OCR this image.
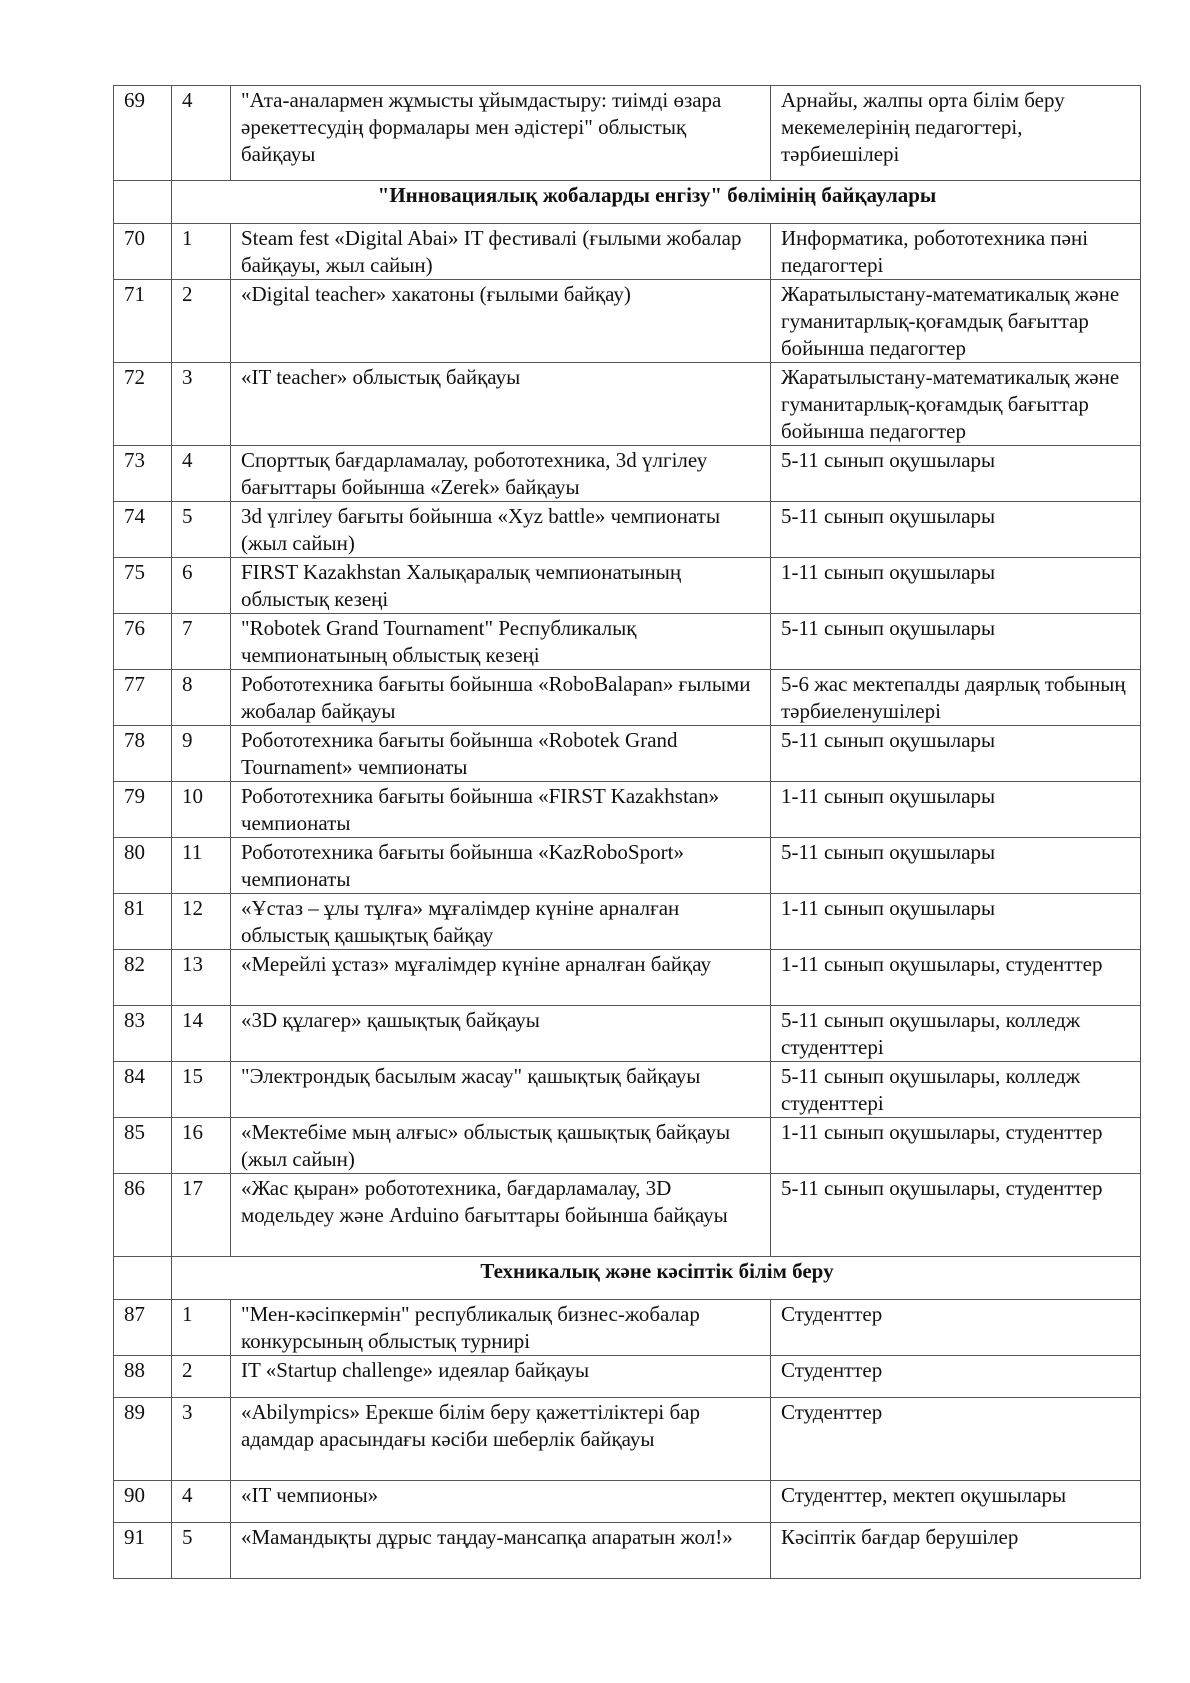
69	4	"Ата-аналармен жұмысты ұйымдастыру: тиімді өзара әрекеттесудің формалары мен әдістері" облыстық байқауы	Арнайы, жалпы орта білім беру мекемелерінің педагогтері, тәрбиешілері
	"Инновациялық жобаларды енгізу" бөлімінің байқаулары		
70	1	Steam fest «Digital Abai» IT фестивалі (ғылыми жобалар байқауы, жыл сайын)	Информатика, робототехника пәні педагогтері
71	2	«Digital teacher» хакатоны (ғылыми байқау)	Жаратылыстану-математикалық және гуманитарлық-қоғамдық бағыттар бойынша педагогтер
72	3	«IT teacher» облыстық байқауы	Жаратылыстану-математикалық және гуманитарлық-қоғамдық бағыттар бойынша педагогтер
73	4	Спорттық бағдарламалау, робототехника, 3d үлгілеу бағыттары бойынша «Zerek» байқауы	5-11 сынып оқушылары
74	5	3d үлгілеу бағыты бойынша «Xyz battle» чемпионаты (жыл сайын)	5-11 сынып оқушылары
75	6	FIRST Kazakhstan Халықаралық чемпионатының облыстық кезеңі	1-11 сынып оқушылары
76	7	"Robotek Grand Tournament" Республикалық чемпионатының облыстық кезеңі	5-11 сынып оқушылары
77	8	Робототехника бағыты бойынша «RoboBalapan» ғылыми жобалар байқауы	5-6 жас мектепалды даярлық тобының тәрбиеленушілері
78	9	Робототехника бағыты бойынша «Robotek Grand Tournament» чемпионаты	5-11 сынып оқушылары
79	10	Робототехника бағыты бойынша «FIRST Kazakhstan» чемпионаты	1-11 сынып оқушылары
80	11	Робототехника бағыты бойынша «KazRoboSport» чемпионаты	5-11 сынып оқушылары
81	12	«Ұстаз – ұлы тұлға» мұғалімдер күніне арналған облыстық қашықтық байқау	1-11 сынып оқушылары
82	13	«Мерейлі ұстаз» мұғалімдер күніне арналған байқау	1-11 сынып оқушылары, студенттер
83	14	«3D құлагер» қашықтық байқауы	5-11 сынып оқушылары, колледж студенттері
84	15	"Электрондық басылым жасау" қашықтық байқауы	5-11 сынып оқушылары, колледж студенттері
85	16	«Мектебіме мың алғыс» облыстық қашықтық байқауы (жыл сайын)	1-11 сынып оқушылары, студенттер
86	17	«Жас қыран» робототехника, бағдарламалау, 3D модельдеу және Arduino бағыттары бойынша байқауы	5-11 сынып оқушылары, студенттер
	Техникалық және кәсіптік білім беру		
87	1	"Мен-кәсіпкермін" республикалық бизнес-жобалар конкурсының облыстық турнирі	Студенттер
88	2	IT «Startup challenge» идеялар байқауы	Студенттер
89	3	«Abilympics» Ерекше білім беру қажеттіліктері бар адамдар арасындағы кәсіби шеберлік байқауы	Студенттер
90	4	«IT чемпионы»	Студенттер, мектеп оқушылары
91	5	«Мамандықты дұрыс таңдау-мансапқа апаратын жол!»	Кәсіптік бағдар берушілер
